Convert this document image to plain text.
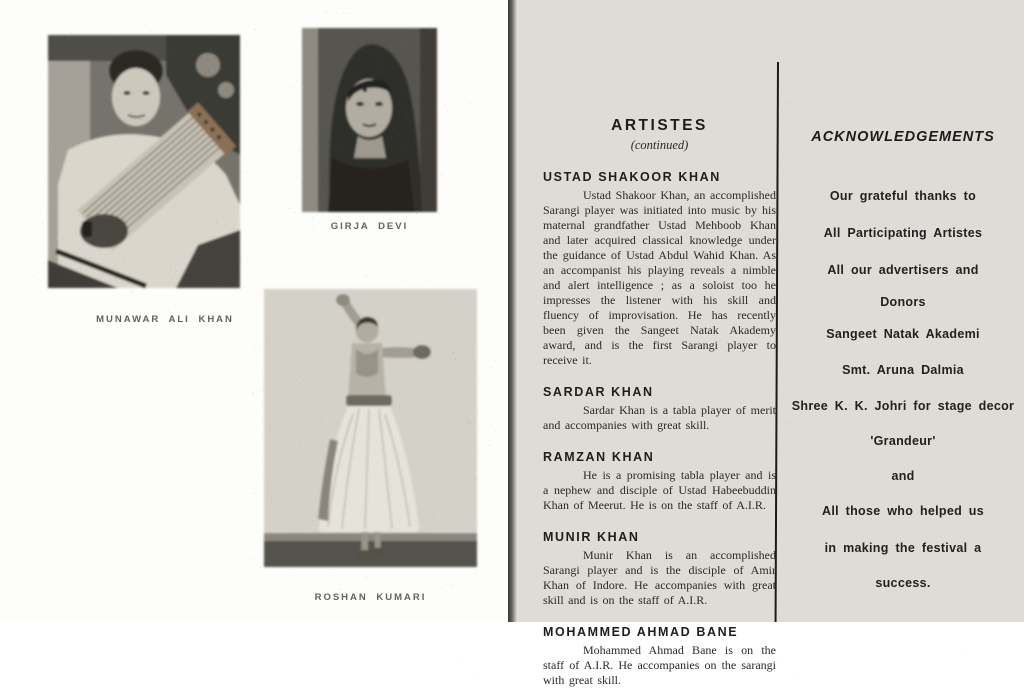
MUNAWAR ALI KHAN
GIRJA DEVI
ROSHAN KUMARI
ARTISTES
(continued)
USTAD SHAKOOR KHAN

Ustad Shakoor Khan, an accomplished Sarangi player was initiated into music by his maternal grandfather Ustad Mehboob Khan and later acquired classical knowledge under the guidance of Ustad Abdul Wahid Khan. As an accompanist his playing reveals a nimble and alert intelligence ; as a soloist too he impresses the listener with his skill and fluency of improvisation. He has recently been given the Sangeet Natak Akademy award, and is the first Sarangi player to receive it.

SARDAR KHAN

Sardar Khan is a tabla player of merit and accompanies with great skill.

RAMZAN KHAN

He is a promising tabla player and is a nephew and disciple of Ustad Habeebuddin Khan of Meerut. He is on the staff of A.I.R.

MUNIR KHAN

Munir Khan is an accomplished Sarangi player and is the disciple of Amir Khan of Indore. He accompanies with great skill and is on the staff of A.I.R.

MOHAMMED AHMAD BANE

Mohammed Ahmad Bane is on the staff of A.I.R. He accompanies on the sarangi with great skill.

ACKNOWLEDGEMENTS
Our grateful thanks to
All Participating Artistes
All our advertisers and
Donors
Sangeet Natak Akademi
Smt. Aruna Dalmia
Shree K. K. Johri for stage decor
'Grandeur'
and
All those who helped us
in making the festival a
success.
